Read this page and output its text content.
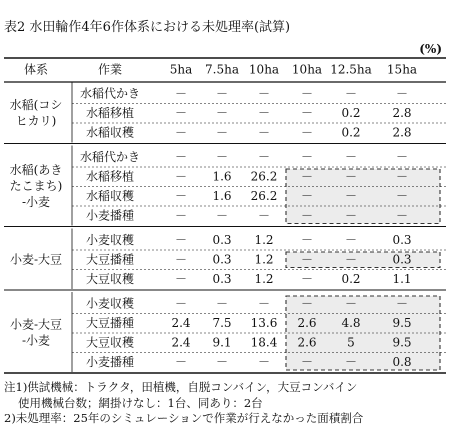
表2 水田輪作4年6作体系における未処理率(試算)
(%)
体系	作業	5ha 7.5ha 10ha 10ha 12.5ha 15ha
水稲(コシ
ヒカリ)
水稲代かき	－ － －	－	－	－
水稲移植	－ － －	－ 0.2	2.8
水稲収穫	－ － －	－ 0.2	2.8
水稲(あき
たこまち)
-小麦
水稲代かき	－ － －	－	－	－
水稲移植	－ 1.6 26.2 －	－	－
水稲収穫	－ 1.6 26.2 －	－	－
小麦播種	－ － －	－	－	－
小麦-大豆
小麦収穫	－ 0.3 1.2 －	－	0.3
大豆播種	－ 0.3 1.2 －	－	0.3
大豆収穫	－ 0.3 1.2 － 0.2	1.1
小麦-大豆
-小麦
小麦収穫	－ － －	－	－	－
大豆播種	2.4 7.5 13.6 2.6 4.8	9.5
大豆収穫	2.4 9.1 18.4 2.6	5	9.5
小麦播種	－ － －	－	－	0.8
注1)供試機械：トラクタ，田植機，自脱コンバイン，大豆コンバイン
使用機械台数；網掛けなし：1台、同あり：2台
2)未処理率：25年のシミュレーションで作業が行えなかった面積割合
